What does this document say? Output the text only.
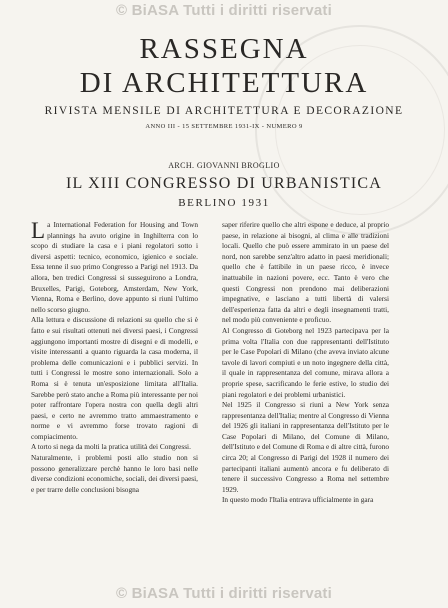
© BiASA Tutti i diritti riservati
RASSEGNA
DI ARCHITETTURA
RIVISTA MENSILE DI ARCHITETTURA E DECORAZIONE
ANNO III - 15 SETTEMBRE 1931-IX - NUMERO 9
ARCH. GIOVANNI BROGLIO
IL XIII CONGRESSO DI URBANISTICA
BERLINO 1931

La International Federation for Housing and Town plannings ha avuto origine in Inghilterra con lo scopo di studiare la casa e i piani regolatori sotto i diversi aspetti: tecnico, economico, igienico e sociale. Essa tenne il suo primo Congresso a Parigi nel 1913. Da allora, ben tredici Congressi si susseguirono a Londra, Bruxelles, Parigi, Goteborg, Amsterdam, New York, Vienna, Roma e Berlino, dove appunto si riunì l'ultimo nello scorso giugno.

Alla lettura e discussione di relazioni su quello che si è fatto e sui risultati ottenuti nei diversi paesi, i Congressi aggiungono importanti mostre di disegni e di modelli, e visite interessanti a quanto riguarda la casa moderna, il problema delle comunicazioni e i pubblici servizi. In tutti i Congressi le mostre sono internazionali. Solo a Roma si è tenuta un'esposizione limitata all'Italia. Sarebbe però stato anche a Roma più interessante per noi poter raffrontare l'opera nostra con quella degli altri paesi, e certo ne avremmo tratto ammaestramento e norme e vi avremmo forse trovato ragioni di compiacimento.

A torto si nega da molti la pratica utilità dei Congressi.

Naturalmente, i problemi posti allo studio non si possono generalizzare perchè hanno le loro basi nelle diverse condizioni economiche, sociali, dei diversi paesi, e per trarre delle conclusioni bisogna

saper riferire quello che altri espone e deduce, al proprio paese, in relazione ai bisogni, al clima e alle tradizioni locali. Quello che può essere ammirato in un paese del nord, non sarebbe senz'altro adatto in paesi meridionali; quello che è fattibile in un paese ricco, è invece inattuabile in nazioni povere, ecc. Tanto è vero che questi Congressi non prendono mai deliberazioni impegnative, e lasciano a tutti libertà di valersi dell'esperienza fatta da altri e degli insegnamenti tratti, nel modo più conveniente e proficuo.

Al Congresso di Goteborg nel 1923 partecipava per la prima volta l'Italia con due rappresentanti dell'Istituto per le Case Popolari di Milano (che aveva inviato alcune tavole di lavori compiuti e un noto ingegnere della città, il quale in rappresentanza del comune, mirava allora a proprie spese, sacrificando le ferie estive, lo studio dei piani regolatori e dei problemi urbanistici.

Nel 1925 il Congresso si riunì a New York senza rappresentanza dell'Italia; mentre al Congresso di Vienna del 1926 gli italiani in rappresentanza dell'Istituto per le Case Popolari di Milano, del Comune di Milano, dell'Istituto e del Comune di Roma e di altre città, furono circa 20; al Congresso di Parigi del 1928 il numero dei partecipanti italiani aumentò ancora e fu deliberato di tenere il successivo Congresso a Roma nel settembre 1929.

In questo modo l'Italia entrava ufficialmente in gara

© BiASA Tutti i diritti riservati
